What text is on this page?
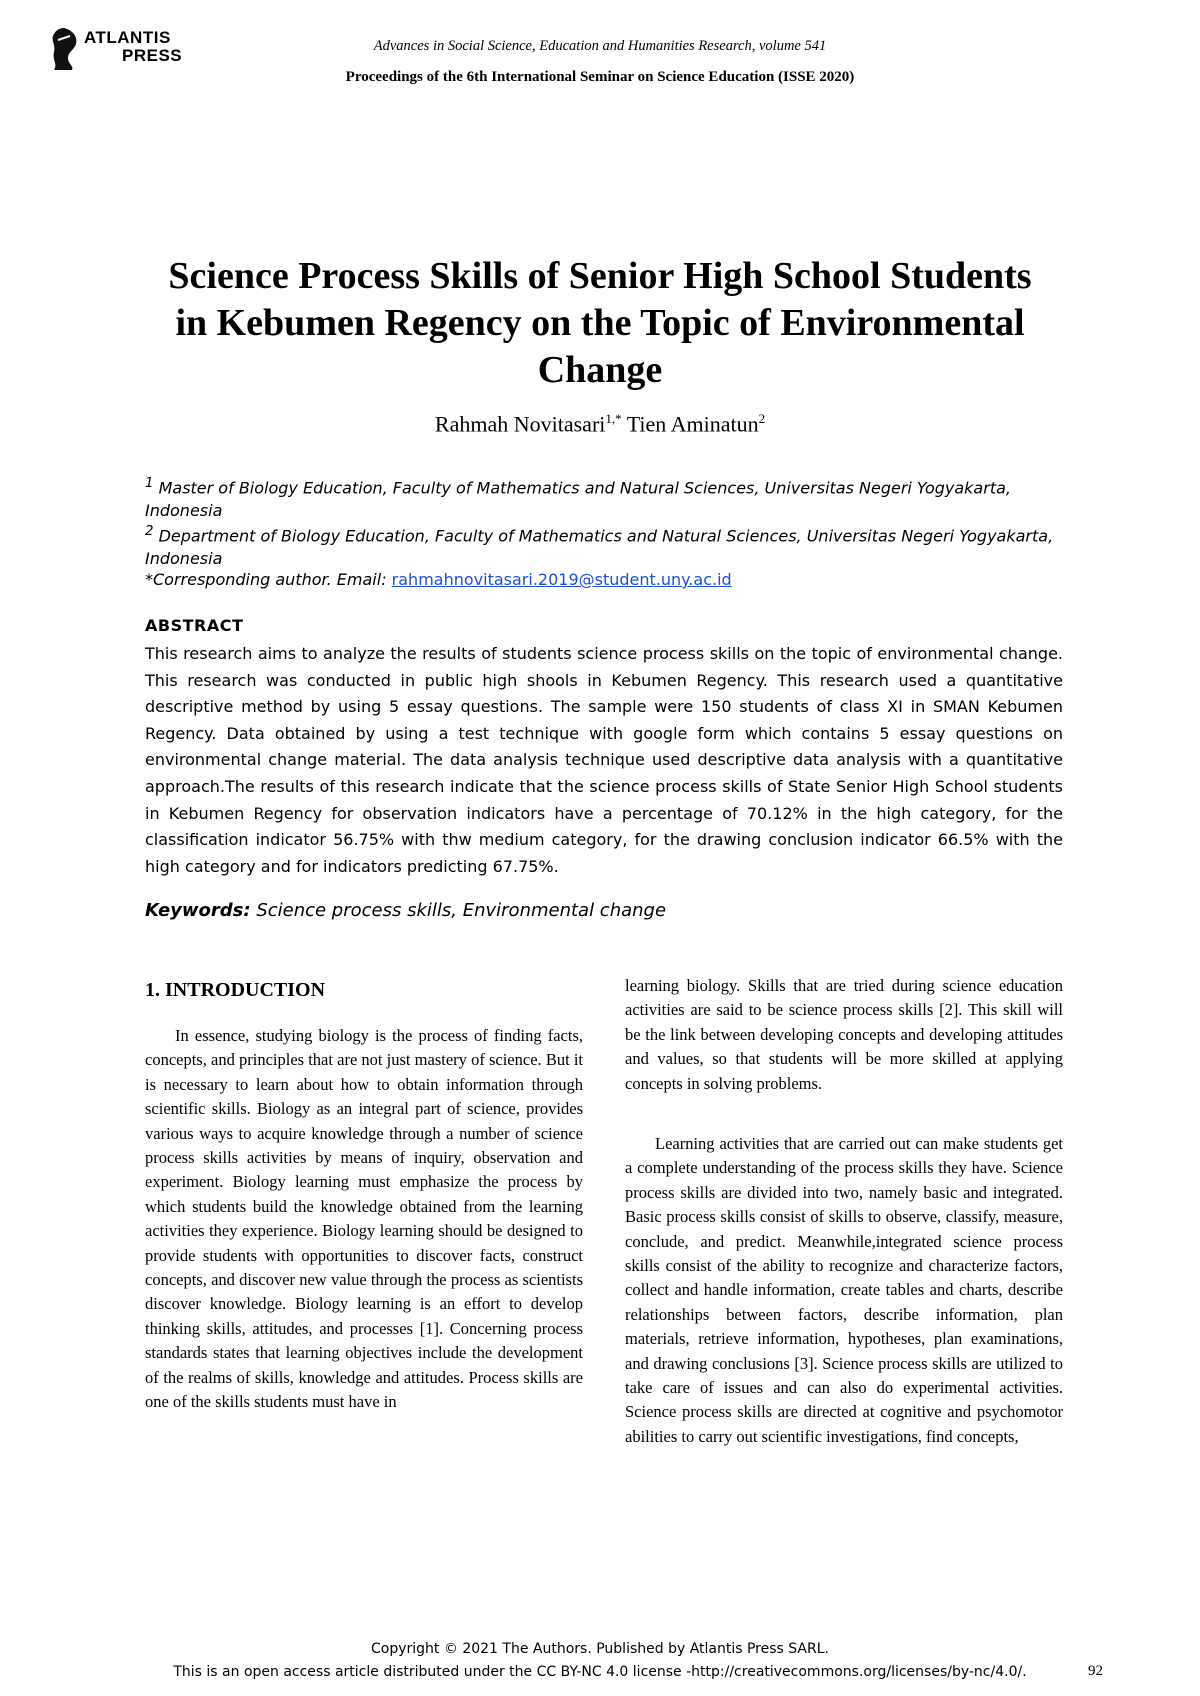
ATLANTIS
PRESS	Advances in Social Science, Education and Humanities Research, volume 541
Proceedings of the 6th International Seminar on Science Education (ISSE 2020)
Science Process Skills of Senior High School Students in Kebumen Regency on the Topic of Environmental Change
Rahmah Novitasari$^{1,*}$ Tien Aminatun$^2$
$^1$ Master of Biology Education, Faculty of Mathematics and Natural Sciences, Universitas Negeri Yogyakarta, Indonesia
$^2$ Department of Biology Education, Faculty of Mathematics and Natural Sciences, Universitas Negeri Yogyakarta, Indonesia
*Corresponding author. Email: rahmahnovitasari.2019@student.uny.ac.id
ABSTRACT

This research aims to analyze the results of students science process skills on the topic of environmental change. This research was conducted in public high shools in Kebumen Regency. This research used a quantitative descriptive method by using 5 essay questions. The sample were 150 students of class XI in SMAN Kebumen Regency. Data obtained by using a test technique with google form which contains 5 essay questions on environmental change material. The data analysis technique used descriptive data analysis with a quantitative approach.The results of this research indicate that the science process skills of State Senior High School students in Kebumen Regency for observation indicators have a percentage of 70.12% in the high category, for the classification indicator 56.75% with thw medium category, for the drawing conclusion indicator 66.5% with the high category and for indicators predicting 67.75%.

Keywords: Science process skills, Environmental change
1. INTRODUCTION

In essence, studying biology is the process of finding facts, concepts, and principles that are not just mastery of science. But it is necessary to learn about how to obtain information through scientific skills. Biology as an integral part of science, provides various ways to acquire knowledge through a number of science process skills activities by means of inquiry, observation and experiment. Biology learning must emphasize the process by which students build the knowledge obtained from the learning activities they experience. Biology learning should be designed to provide students with opportunities to discover facts, construct concepts, and discover new value through the process as scientists discover knowledge. Biology learning is an effort to develop thinking skills, attitudes, and processes [1]. Concerning process standards states that learning objectives include the development of the realms of skills, knowledge and attitudes. Process skills are one of the skills students must have in

learning biology. Skills that are tried during science education activities are said to be science process skills [2]. This skill will be the link between developing concepts and developing attitudes and values, so that students will be more skilled at applying concepts in solving problems.

Learning activities that are carried out can make students get a complete understanding of the process skills they have. Science process skills are divided into two, namely basic and integrated. Basic process skills consist of skills to observe, classify, measure, conclude, and predict. Meanwhile,integrated science process skills consist of the ability to recognize and characterize factors, collect and handle information, create tables and charts, describe relationships between factors, describe information, plan materials, retrieve information, hypotheses, plan examinations, and drawing conclusions [3]. Science process skills are utilized to take care of issues and can also do experimental activities. Science process skills are directed at cognitive and psychomotor abilities to carry out scientific investigations, find concepts,

Copyright © 2021 The Authors. Published by Atlantis Press SARL.
This is an open access article distributed under the CC BY-NC 4.0 license -http://creativecommons.org/licenses/by-nc/4.0/.	92
